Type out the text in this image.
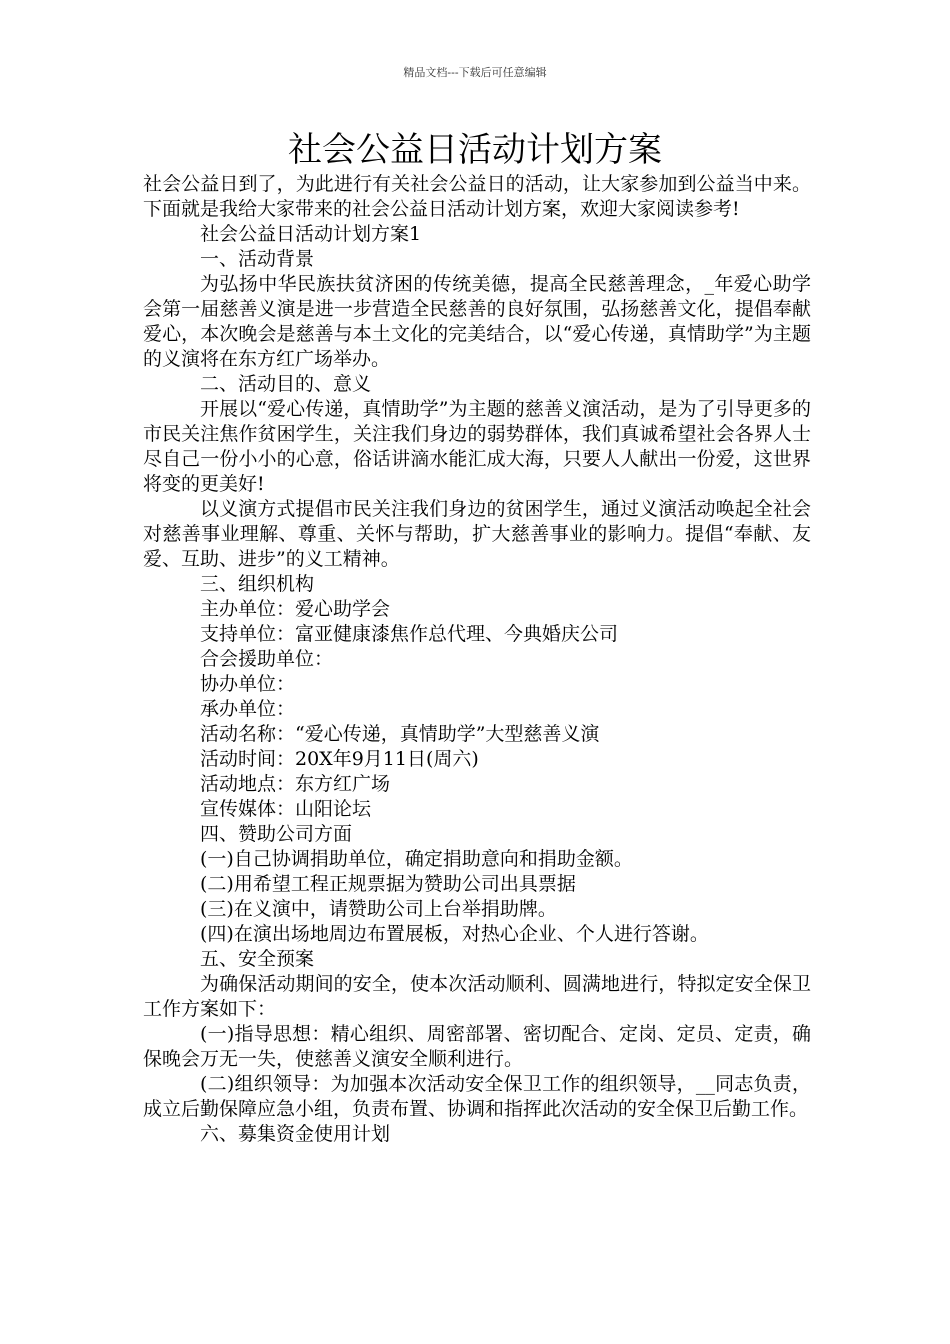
精品文档---下载后可任意编辑
社会公益日活动计划方案

社会公益日到了，为此进行有关社会公益日的活动，让大家参加到公益当中来。下面就是我给大家带来的社会公益日活动计划方案，欢迎大家阅读参考!

社会公益日活动计划方案1

一、活动背景

为弘扬中华民族扶贫济困的传统美德，提高全民慈善理念，_年爱心助学会第一届慈善义演是进一步营造全民慈善的良好氛围，弘扬慈善文化，提倡奉献爱心，本次晚会是慈善与本土文化的完美结合，以“爱心传递，真情助学”为主题的义演将在东方红广场举办。

二、活动目的、意义

开展以“爱心传递，真情助学”为主题的慈善义演活动，是为了引导更多的市民关注焦作贫困学生，关注我们身边的弱势群体，我们真诚希望社会各界人士尽自己一份小小的心意，俗话讲滴水能汇成大海，只要人人献出一份爱，这世界将变的更美好!

以义演方式提倡市民关注我们身边的贫困学生，通过义演活动唤起全社会对慈善事业理解、尊重、关怀与帮助，扩大慈善事业的影响力。提倡“奉献、友爱、互助、进步”的义工精神。

三、组织机构

主办单位：爱心助学会

支持单位：富亚健康漆焦作总代理、今典婚庆公司

合会援助单位：

协办单位：

承办单位：

活动名称：“爱心传递，真情助学”大型慈善义演

活动时间：20X年9月11日(周六)

活动地点：东方红广场

宣传媒体：山阳论坛

四、赞助公司方面

(一)自己协调捐助单位，确定捐助意向和捐助金额。

(二)用希望工程正规票据为赞助公司出具票据

(三)在义演中，请赞助公司上台举捐助牌。

(四)在演出场地周边布置展板，对热心企业、个人进行答谢。

五、安全预案

为确保活动期间的安全，使本次活动顺利、圆满地进行，特拟定安全保卫工作方案如下：

(一)指导思想：精心组织、周密部署、密切配合、定岗、定员、定责，确保晚会万无一失，使慈善义演安全顺利进行。

(二)组织领导：为加强本次活动安全保卫工作的组织领导，__同志负责，成立后勤保障应急小组，负责布置、协调和指挥此次活动的安全保卫后勤工作。

六、募集资金使用计划
